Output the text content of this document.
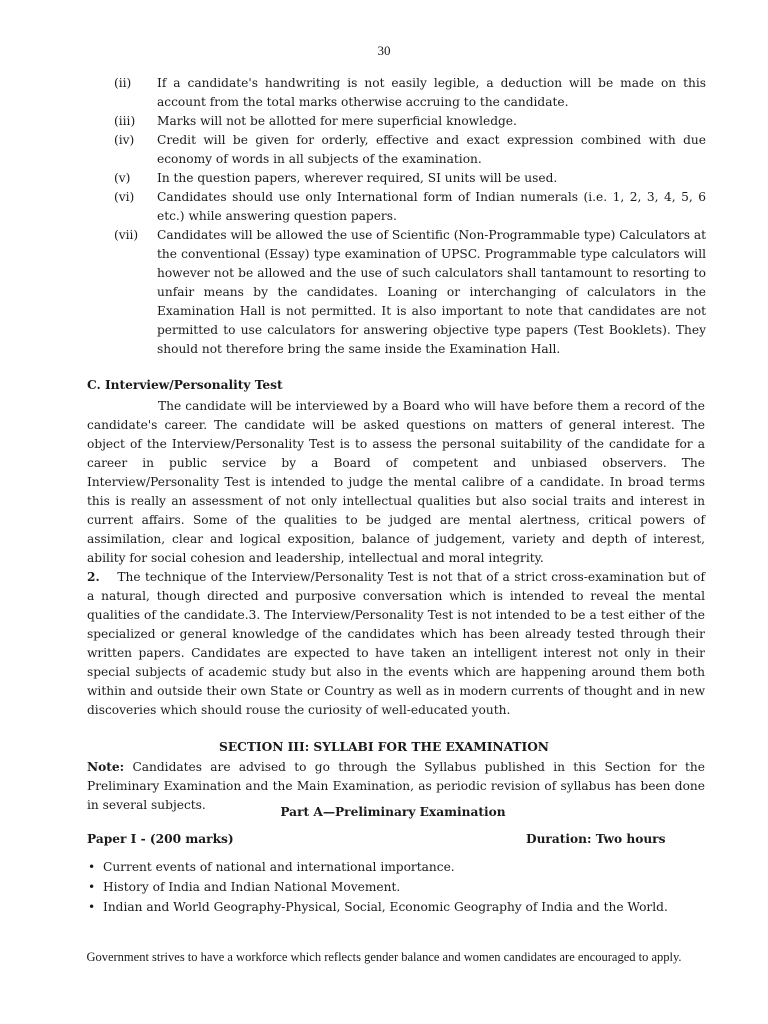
30
(ii) If a candidate's handwriting is not easily legible, a deduction will be made on this account from the total marks otherwise accruing to the candidate.
(iii) Marks will not be allotted for mere superficial knowledge.
(iv) Credit will be given for orderly, effective and exact expression combined with due economy of words in all subjects of the examination.
(v) In the question papers, wherever required, SI units will be used.
(vi) Candidates should use only International form of Indian numerals (i.e. 1, 2, 3, 4, 5, 6 etc.) while answering question papers.
(vii) Candidates will be allowed the use of Scientific (Non-Programmable type) Calculators at the conventional (Essay) type examination of UPSC. Programmable type calculators will however not be allowed and the use of such calculators shall tantamount to resorting to unfair means by the candidates. Loaning or interchanging of calculators in the Examination Hall is not permitted. It is also important to note that candidates are not permitted to use calculators for answering objective type papers (Test Booklets). They should not therefore bring the same inside the Examination Hall.
C. Interview/Personality Test
The candidate will be interviewed by a Board who will have before them a record of the candidate's career. The candidate will be asked questions on matters of general interest. The object of the Interview/Personality Test is to assess the personal suitability of the candidate for a career in public service by a Board of competent and unbiased observers. The Interview/Personality Test is intended to judge the mental calibre of a candidate. In broad terms this is really an assessment of not only intellectual qualities but also social traits and interest in current affairs. Some of the qualities to be judged are mental alertness, critical powers of assimilation, clear and logical exposition, balance of judgement, variety and depth of interest, ability for social cohesion and leadership, intellectual and moral integrity.
2. The technique of the Interview/Personality Test is not that of a strict cross-examination but of a natural, though directed and purposive conversation which is intended to reveal the mental qualities of the candidate.3. The Interview/Personality Test is not intended to be a test either of the specialized or general knowledge of the candidates which has been already tested through their written papers. Candidates are expected to have taken an intelligent interest not only in their special subjects of academic study but also in the events which are happening around them both within and outside their own State or Country as well as in modern currents of thought and in new discoveries which should rouse the curiosity of well-educated youth.
SECTION III: SYLLABI FOR THE EXAMINATION
Note: Candidates are advised to go through the Syllabus published in this Section for the Preliminary Examination and the Main Examination, as periodic revision of syllabus has been done in several subjects.	Part A—Preliminary Examination
Paper I - (200 marks)	Duration: Two hours
• Current events of national and international importance.
• History of India and Indian National Movement.
• Indian and World Geography-Physical, Social, Economic Geography of India and the World.
Government strives to have a workforce which reflects gender balance and women candidates are encouraged to apply.
